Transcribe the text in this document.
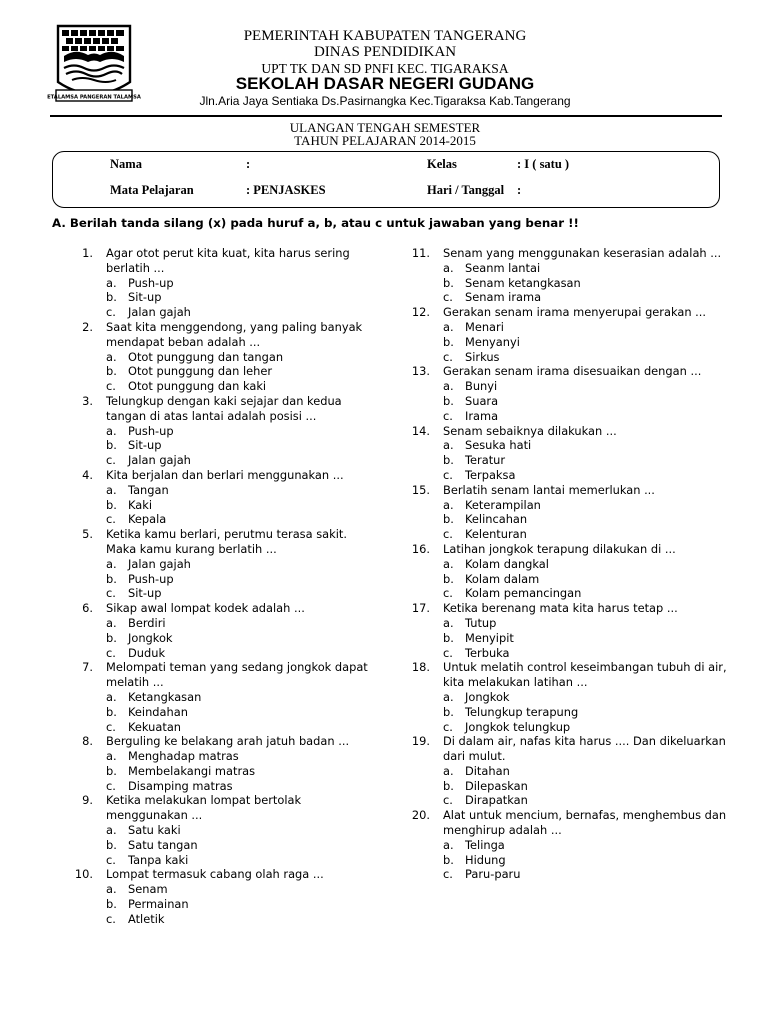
ETALAMSA PANGERAN TALAMSA
PEMERINTAH KABUPATEN TANGERANG
DINAS PENDIDIKAN
UPT TK DAN SD PNFI KEC. TIGARAKSA
SEKOLAH DASAR NEGERI GUDANG
Jln.Aria Jaya Sentiaka Ds.Pasirnangka Kec.Tigaraksa Kab.Tangerang
ULANGAN TENGAH SEMESTER
TAHUN PELAJARAN 2014-2015
Nama	:	Kelas	: I ( satu )
Mata Pelajaran	: PENJASKES	Hari / Tanggal :
A. Berilah tanda silang (x) pada huruf a, b, atau c untuk jawaban yang benar !!
1. Agar otot perut kita kuat, kita harus sering berlatih ...
a. Push-up
b. Sit-up
c. Jalan gajah
2. Saat kita menggendong, yang paling banyak mendapat beban adalah ...
a. Otot punggung dan tangan
b. Otot punggung dan leher
c. Otot punggung dan kaki
3. Telungkup dengan kaki sejajar dan kedua tangan di atas lantai adalah posisi ...
a. Push-up
b. Sit-up
c. Jalan gajah
4. Kita berjalan dan berlari menggunakan ...
a. Tangan
b. Kaki
c. Kepala
5. Ketika kamu berlari, perutmu terasa sakit. Maka kamu kurang berlatih ...
a. Jalan gajah
b. Push-up
c. Sit-up
6. Sikap awal lompat kodek adalah ...
a. Berdiri
b. Jongkok
c. Duduk
7. Melompati teman yang sedang jongkok dapat melatih ...
a. Ketangkasan
b. Keindahan
c. Kekuatan
8. Berguling ke belakang arah jatuh badan ...
a. Menghadap matras
b. Membelakangi matras
c. Disamping matras
9. Ketika melakukan lompat bertolak menggunakan ...
a. Satu kaki
b. Satu tangan
c. Tanpa kaki
10. Lompat termasuk cabang olah raga ...
a. Senam
b. Permainan
c. Atletik
11. Senam yang menggunakan keserasian adalah ...
a. Seanm lantai
b. Senam ketangkasan
c. Senam irama
12. Gerakan senam irama menyerupai gerakan ...
a. Menari
b. Menyanyi
c. Sirkus
13. Gerakan senam irama disesuaikan dengan ...
a. Bunyi
b. Suara
c. Irama
14. Senam sebaiknya dilakukan ...
a. Sesuka hati
b. Teratur
c. Terpaksa
15. Berlatih senam lantai memerlukan ...
a. Keterampilan
b. Kelincahan
c. Kelenturan
16. Latihan jongkok terapung dilakukan di ...
a. Kolam dangkal
b. Kolam dalam
c. Kolam pemancingan
17. Ketika berenang mata kita harus tetap ...
a. Tutup
b. Menyipit
c. Terbuka
18. Untuk melatih control keseimbangan tubuh di air, kita melakukan latihan ...
a. Jongkok
b. Telungkup terapung
c. Jongkok telungkup
19. Di dalam air, nafas kita harus .... Dan dikeluarkan dari mulut.
a. Ditahan
b. Dilepaskan
c. Dirapatkan
20. Alat untuk mencium, bernafas, menghembus dan menghirup adalah ...
a. Telinga
b. Hidung
c. Paru-paru
